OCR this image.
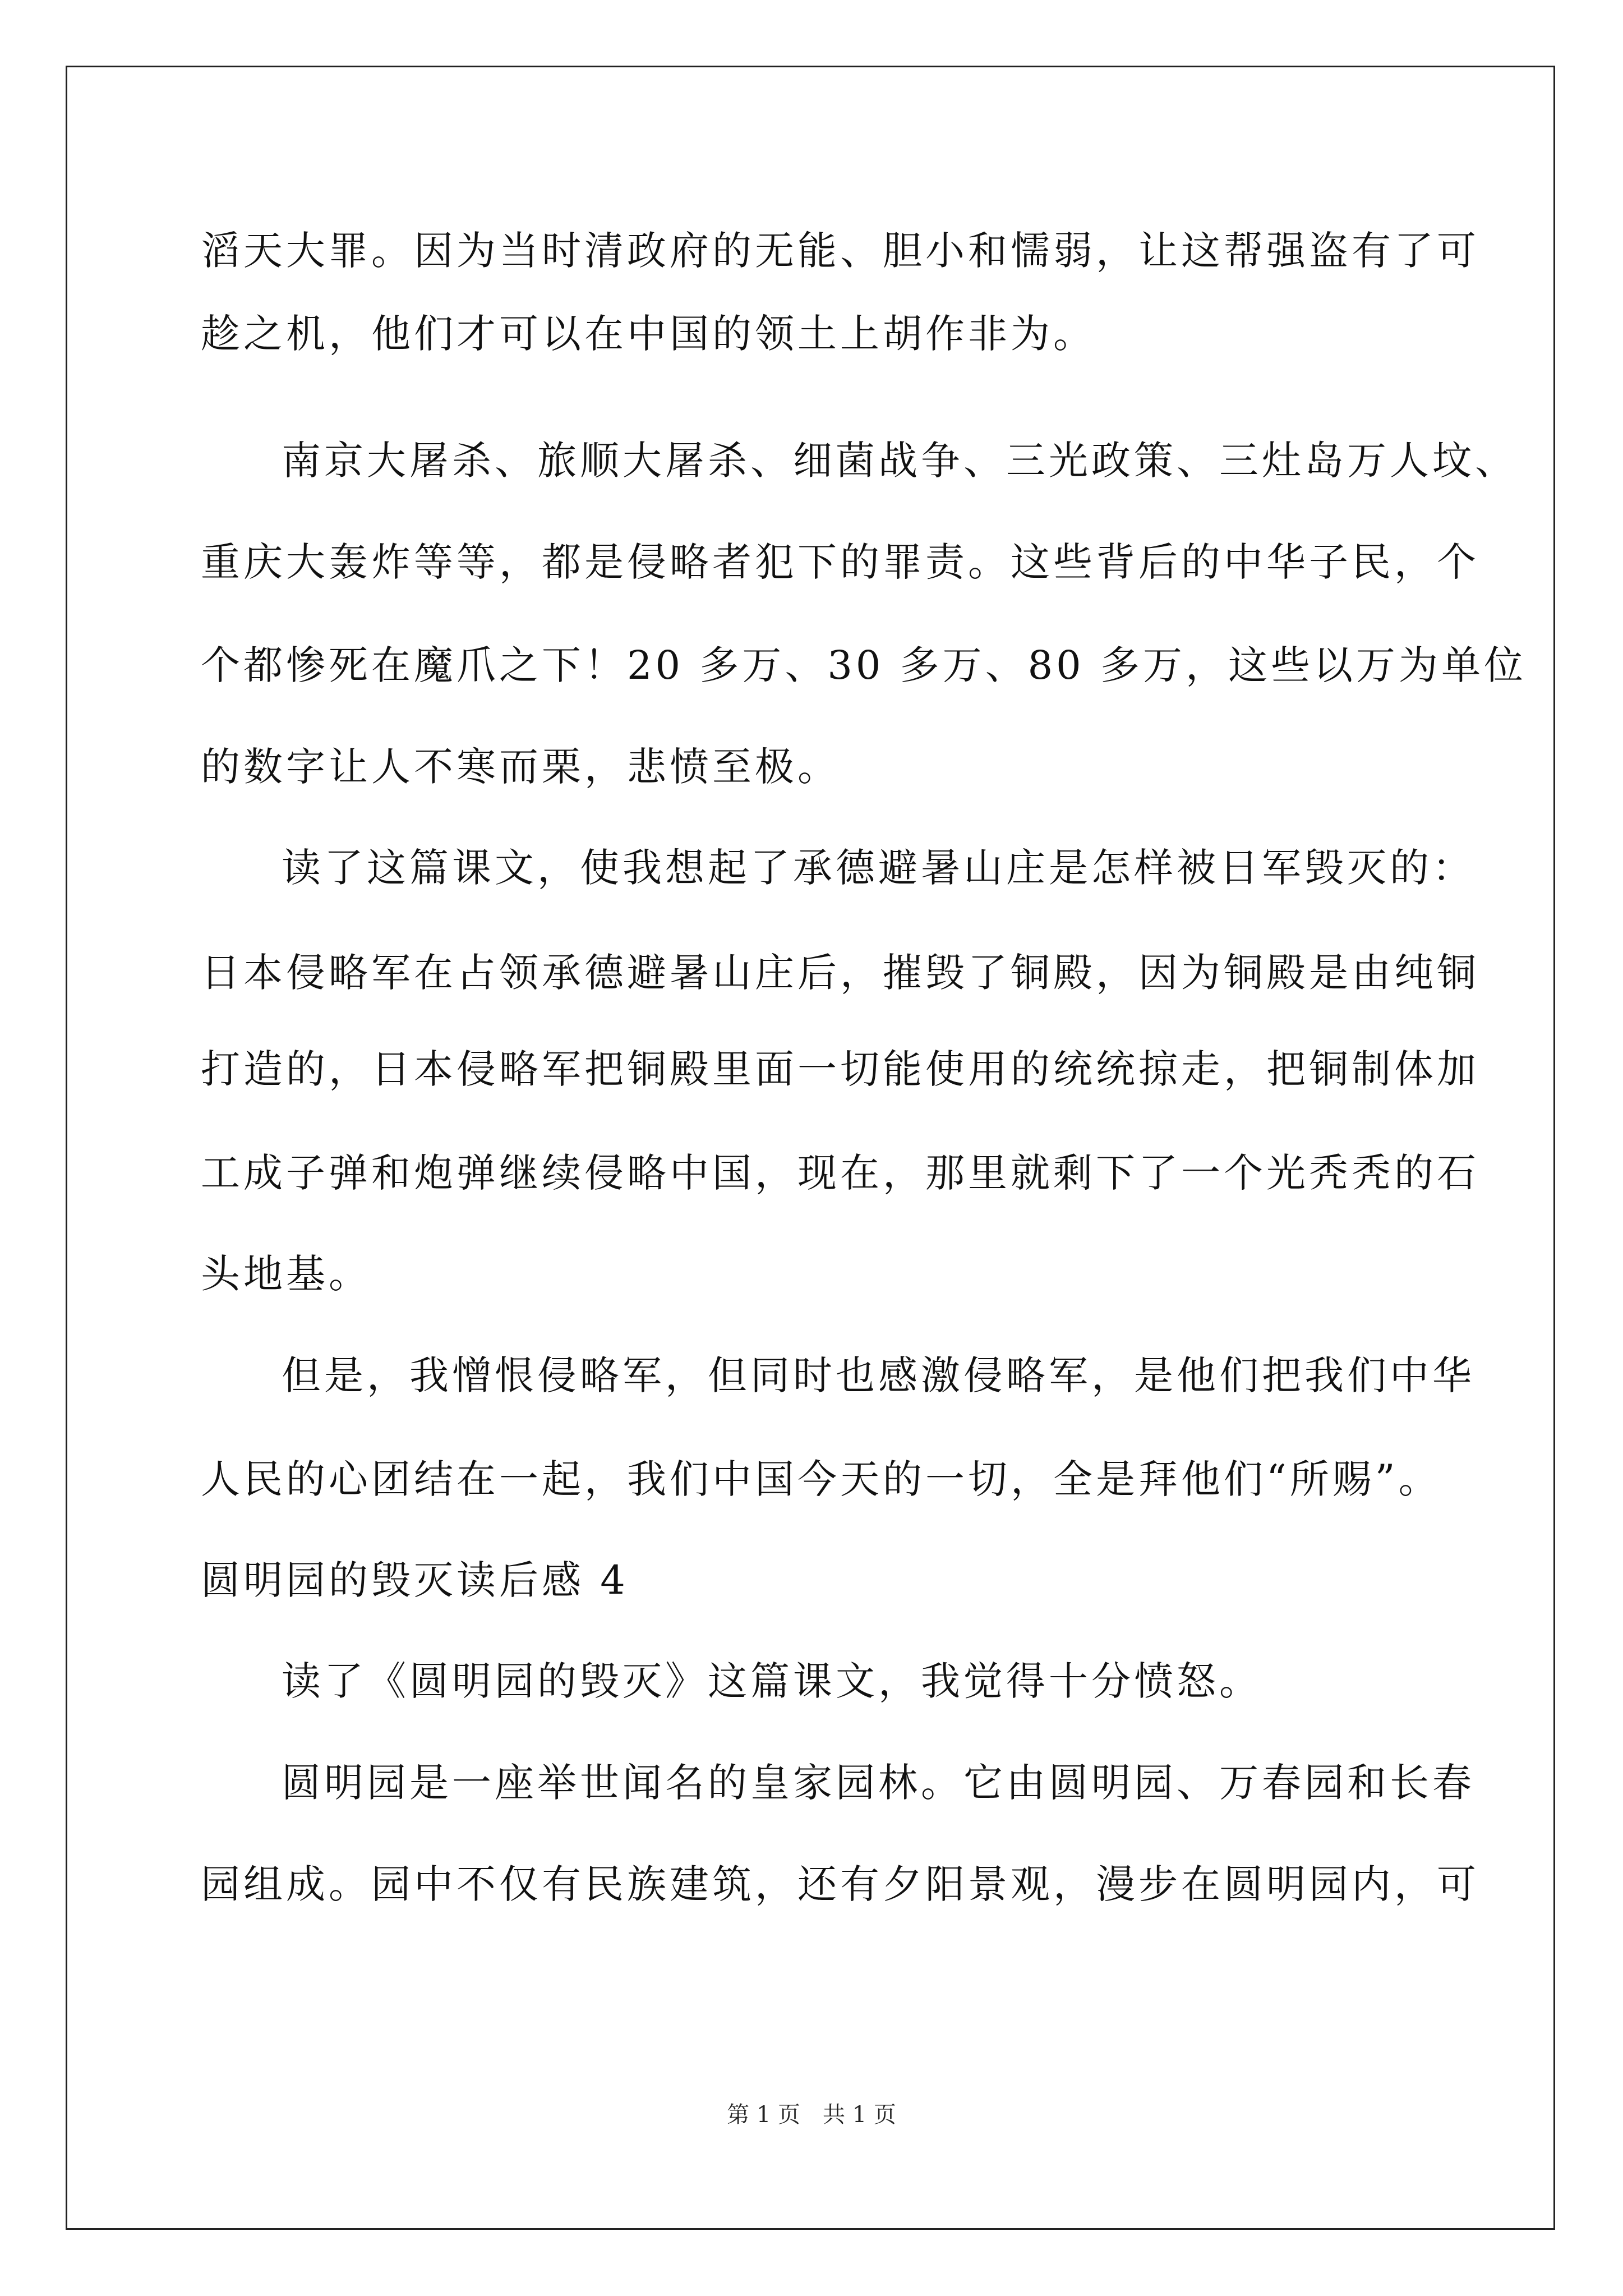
滔天大罪。因为当时清政府的无能、胆小和懦弱，让这帮强盗有了可
趁之机，他们才可以在中国的领土上胡作非为。
南京大屠杀、旅顺大屠杀、细菌战争、三光政策、三灶岛万人坟、
重庆大轰炸等等，都是侵略者犯下的罪责。这些背后的中华子民，个
个都惨死在魔爪之下！20 多万、30 多万、80 多万，这些以万为单位
的数字让人不寒而栗，悲愤至极。
读了这篇课文，使我想起了承德避暑山庄是怎样被日军毁灭的：
日本侵略军在占领承德避暑山庄后，摧毁了铜殿，因为铜殿是由纯铜
打造的，日本侵略军把铜殿里面一切能使用的统统掠走，把铜制体加
工成子弹和炮弹继续侵略中国，现在，那里就剩下了一个光秃秃的石
头地基。
但是，我憎恨侵略军，但同时也感激侵略军，是他们把我们中华
人民的心团结在一起，我们中国今天的一切，全是拜他们“所赐”。
圆明园的毁灭读后感 4
读了《圆明园的毁灭》这篇课文，我觉得十分愤怒。
圆明园是一座举世闻名的皇家园林。它由圆明园、万春园和长春
园组成。园中不仅有民族建筑，还有夕阳景观，漫步在圆明园内，可
第 1 页　共 1 页
